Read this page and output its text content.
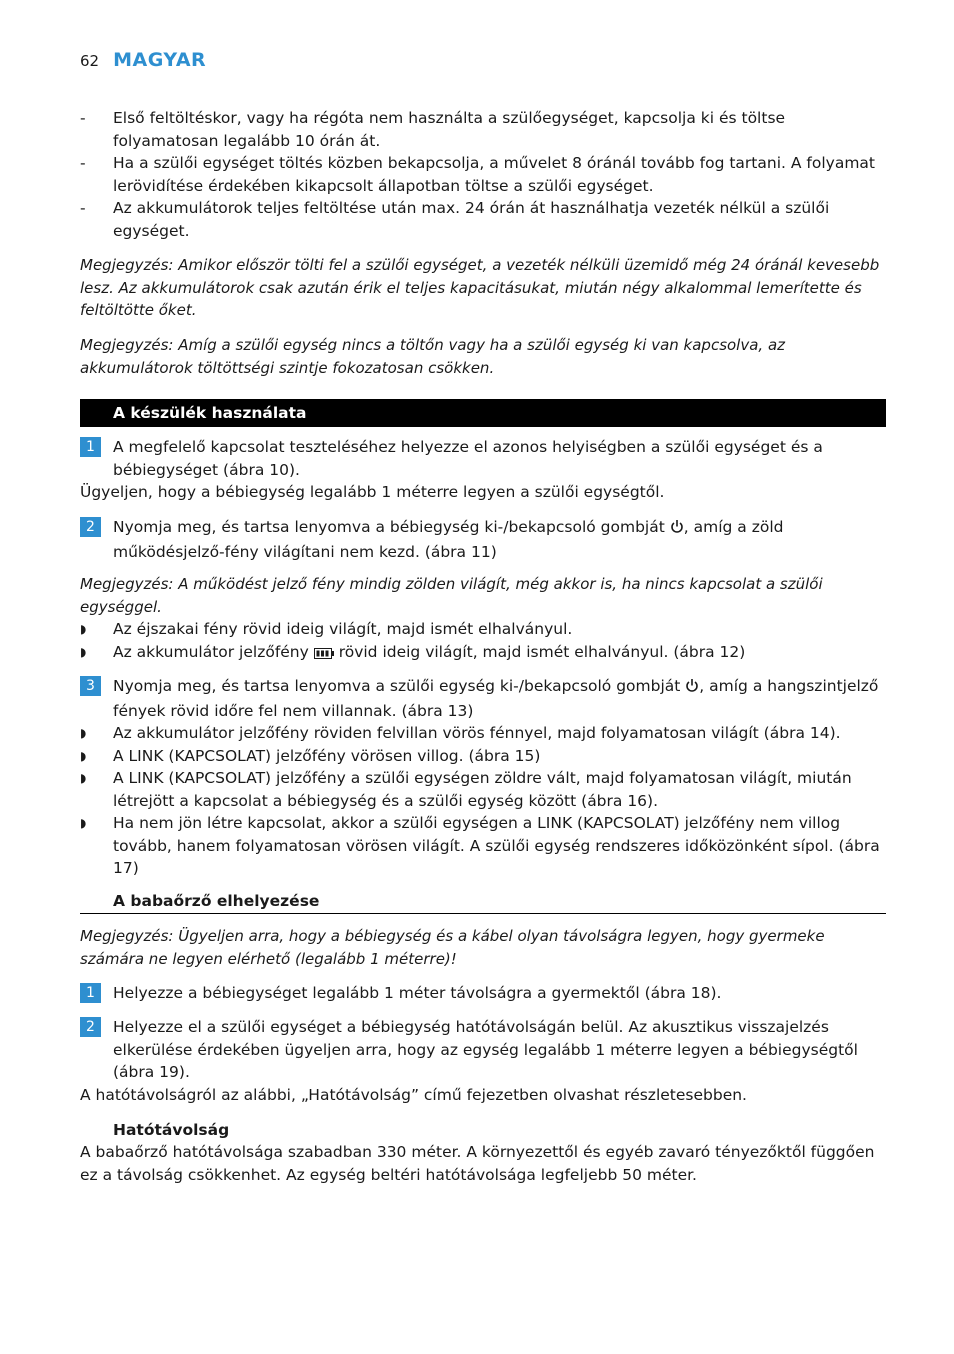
62 MAGYAR
-	Első feltöltéskor, vagy ha régóta nem használta a szülőegységet, kapcsolja ki és töltse folyamatosan legalább 10 órán át.
-	Ha a szülői egységet töltés közben bekapcsolja, a művelet 8 óránál tovább fog tartani. A folyamat lerövidítése érdekében kikapcsolt állapotban töltse a szülői egységet.
-	Az akkumulátorok teljes feltöltése után max. 24 órán át használhatja vezeték nélkül a szülői egységet.
Megjegyzés: Amikor először tölti fel a szülői egységet, a vezeték nélküli üzemidő még 24 óránál kevesebb lesz. Az akkumulátorok csak azután érik el teljes kapacitásukat, miután négy alkalommal lemerítette és feltöltötte őket.
Megjegyzés: Amíg a szülői egység nincs a töltőn vagy ha a szülői egység ki van kapcsolva, az akkumulátorok töltöttségi szintje fokozatosan csökken.
A készülék használata
1	A megfelelő kapcsolat teszteléséhez helyezze el azonos helyiségben a szülői egységet és a bébiegységet (ábra 10).
Ügyeljen, hogy a bébiegység legalább 1 méterre legyen a szülői egységtől.
2	Nyomja meg, és tartsa lenyomva a bébiegység ki-/bekapcsoló gombját , amíg a zöld működésjelző-fény világítani nem kezd. (ábra 11)
Megjegyzés: A működést jelző fény mindig zölden világít, még akkor is, ha nincs kapcsolat a szülői egységgel.
◗	Az éjszakai fény rövid ideig világít, majd ismét elhalványul.
◗	Az akkumulátor jelzőfény rövid ideig világít, majd ismét elhalványul. (ábra 12)
3	Nyomja meg, és tartsa lenyomva a szülői egység ki-/bekapcsoló gombját , amíg a hangszintjelző fények rövid időre fel nem villannak. (ábra 13)
◗	Az akkumulátor jelzőfény röviden felvillan vörös fénnyel, majd folyamatosan világít (ábra 14).
◗	A LINK (KAPCSOLAT) jelzőfény vörösen villog. (ábra 15)
◗	A LINK (KAPCSOLAT) jelzőfény a szülői egységen zöldre vált, majd folyamatosan világít, miután létrejött a kapcsolat a bébiegység és a szülői egység között (ábra 16).
◗	Ha nem jön létre kapcsolat, akkor a szülői egységen a LINK (KAPCSOLAT) jelzőfény nem villog tovább, hanem folyamatosan vörösen világít. A szülői egység rendszeres időközönként sípol. (ábra 17)
A babaőrző elhelyezése
Megjegyzés: Ügyeljen arra, hogy a bébiegység és a kábel olyan távolságra legyen, hogy gyermeke számára ne legyen elérhető (legalább 1 méterre)!
1	Helyezze a bébiegységet legalább 1 méter távolságra a gyermektől (ábra 18).
2	Helyezze el a szülői egységet a bébiegység hatótávolságán belül. Az akusztikus visszajelzés elkerülése érdekében ügyeljen arra, hogy az egység legalább 1 méterre legyen a bébiegységtől (ábra 19).
A hatótávolságról az alábbi, „Hatótávolság” című fejezetben olvashat részletesebben.
Hatótávolság
A babaőrző hatótávolsága szabadban 330 méter. A környezettől és egyéb zavaró tényezőktől függően ez a távolság csökkenhet. Az egység beltéri hatótávolsága legfeljebb 50 méter.
